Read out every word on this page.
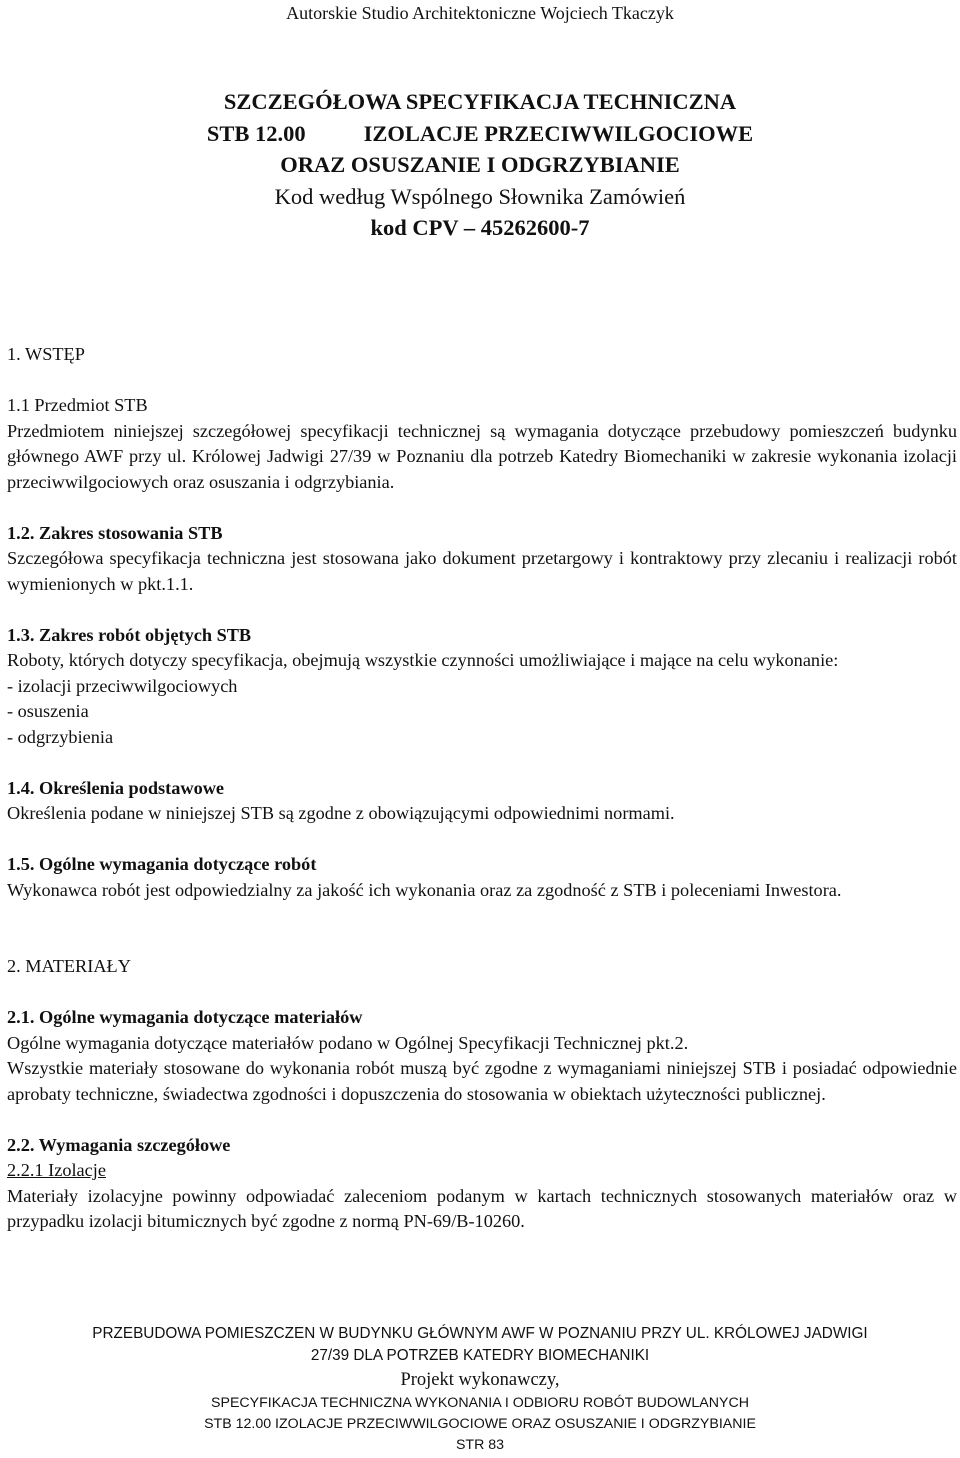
Autorskie Studio Architektoniczne Wojciech Tkaczyk
SZCZEGÓŁOWA SPECYFIKACJA TECHNICZNA
STB 12.00	IZOLACJE PRZECIWWILGOCIOWE
ORAZ OSUSZANIE I ODGRZYBIANIE
Kod według Wspólnego Słownika Zamówień
kod CPV – 45262600-7
1. WSTĘP
1.1 Przedmiot STB

Przedmiotem niniejszej szczegółowej specyfikacji technicznej są wymagania dotyczące przebudowy pomieszczeń budynku głównego AWF przy ul. Królowej Jadwigi 27/39 w Poznaniu dla potrzeb Katedry Biomechaniki w zakresie wykonania izolacji przeciwwilgociowych oraz osuszania i odgrzybiania.

1.2. Zakres stosowania STB

Szczegółowa specyfikacja techniczna jest stosowana jako dokument przetargowy i kontraktowy przy zlecaniu i realizacji robót wymienionych w pkt.1.1.

1.3. Zakres robót objętych STB

Roboty, których dotyczy specyfikacja, obejmują wszystkie czynności umożliwiające i mające na celu wykonanie:

- izolacji przeciwwilgociowych
- osuszenia
- odgrzybienia
1.4. Określenia podstawowe

Określenia podane w niniejszej STB są zgodne z obowiązującymi odpowiednimi normami.

1.5. Ogólne wymagania dotyczące robót

Wykonawca robót jest odpowiedzialny za jakość ich wykonania oraz za zgodność z STB i poleceniami Inwestora.

2. MATERIAŁY
2.1. Ogólne wymagania dotyczące materiałów

Ogólne wymagania dotyczące materiałów podano w Ogólnej Specyfikacji Technicznej pkt.2.

Wszystkie materiały stosowane do wykonania robót muszą być zgodne z wymaganiami niniejszej STB i posiadać odpowiednie aprobaty techniczne, świadectwa zgodności i dopuszczenia do stosowania w obiektach użyteczności publicznej.

2.2. Wymagania szczegółowe
2.2.1 Izolacje

Materiały izolacyjne powinny odpowiadać zaleceniom podanym w kartach technicznych stosowanych materiałów oraz w przypadku izolacji bitumicznych być zgodne z normą PN-69/B-10260.

PRZEBUDOWA POMIESZCZEN W BUDYNKU GŁÓWNYM AWF W POZNANIU PRZY UL. KRÓLOWEJ JADWIGI
27/39 DLA POTRZEB KATEDRY BIOMECHANIKI
Projekt wykonawczy,
SPECYFIKACJA TECHNICZNA WYKONANIA I ODBIORU ROBÓT BUDOWLANYCH
STB 12.00 IZOLACJE PRZECIWWILGOCIOWE ORAZ OSUSZANIE I ODGRZYBIANIE
STR 83
